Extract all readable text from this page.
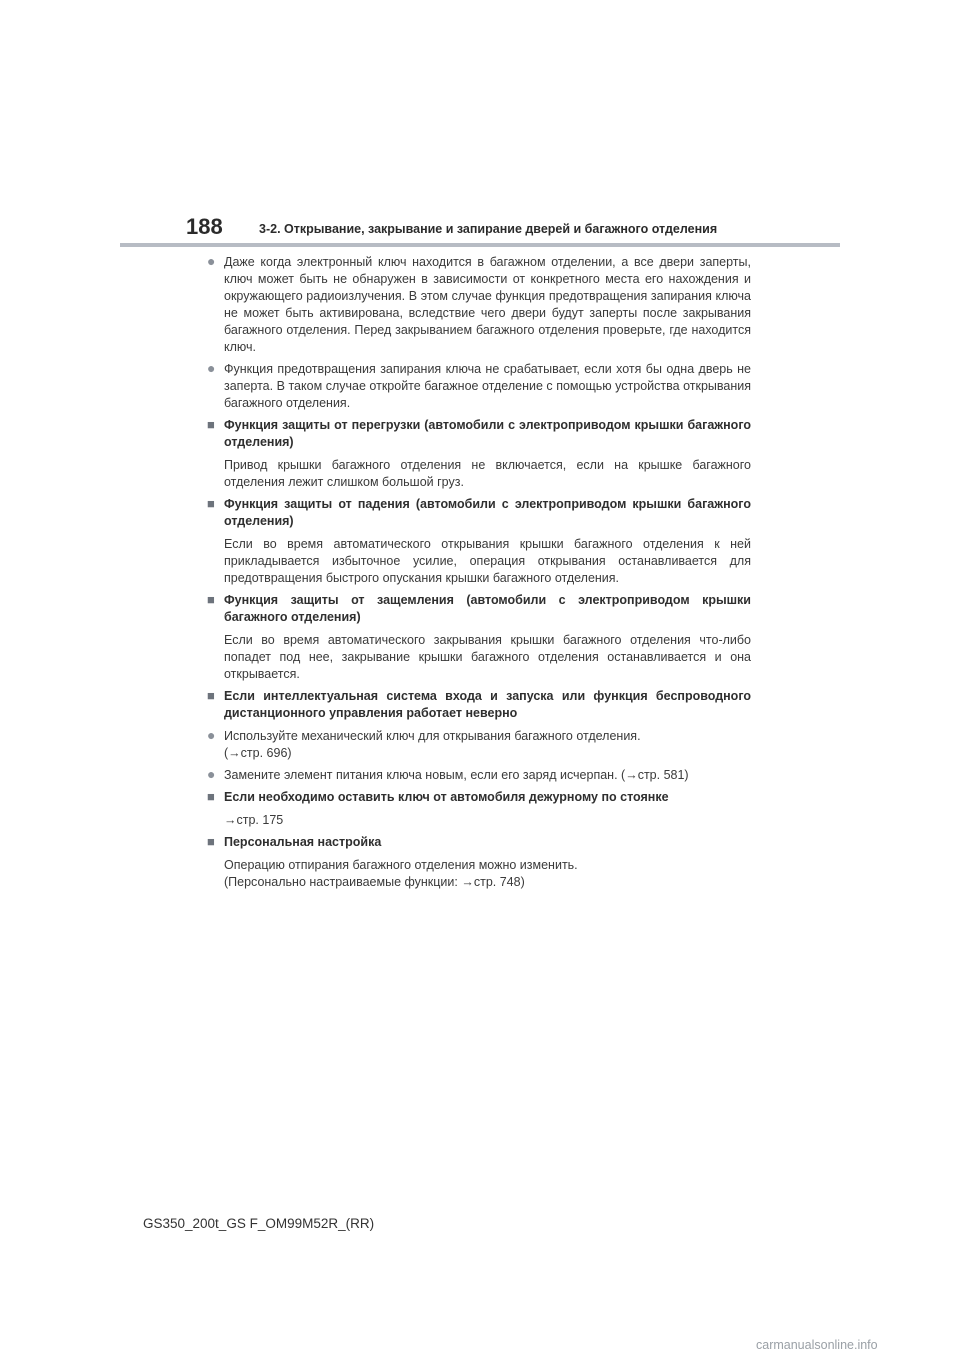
188	3-2. Открывание, закрывание и запирание дверей и багажного отделения
● Даже когда электронный ключ находится в багажном отделении, а все двери заперты, ключ может быть не обнаружен в зависимости от конкретного места его нахождения и окружающего радиоизлучения. В этом случае функция предотвращения запирания ключа не может быть активирована, вследствие чего двери будут заперты после закрывания багажного отделения. Перед закрыванием багажного отделения проверьте, где находится ключ.
● Функция предотвращения запирания ключа не срабатывает, если хотя бы одна дверь не заперта. В таком случае откройте багажное отделение с помощью устройства открывания багажного отделения.
■ Функция защиты от перегрузки (автомобили с электроприводом крышки багажного отделения)
Привод крышки багажного отделения не включается, если на крышке багажного отделения лежит слишком большой груз.
■ Функция защиты от падения (автомобили с электроприводом крышки багажного отделения)
Если во время автоматического открывания крышки багажного отделения к ней прикладывается избыточное усилие, операция открывания останавливается для предотвращения быстрого опускания крышки багажного отделения.
■ Функция защиты от защемления (автомобили с электроприводом крышки багажного отделения)
Если во время автоматического закрывания крышки багажного отделения что-либо попадет под нее, закрывание крышки багажного отделения останавливается и она открывается.
■ Если интеллектуальная система входа и запуска или функция беспроводного дистанционного управления работает неверно
● Используйте механический ключ для открывания багажного отделения.
(→стр. 696)
● Замените элемент питания ключа новым, если его заряд исчерпан. (→стр. 581)
■ Если необходимо оставить ключ от автомобиля дежурному по стоянке
→стр. 175
■ Персональная настройка
Операцию отпирания багажного отделения можно изменить.
(Персонально настраиваемые функции: →стр. 748)
GS350_200t_GS F_OM99M52R_(RR)
carmanualsonline.info
